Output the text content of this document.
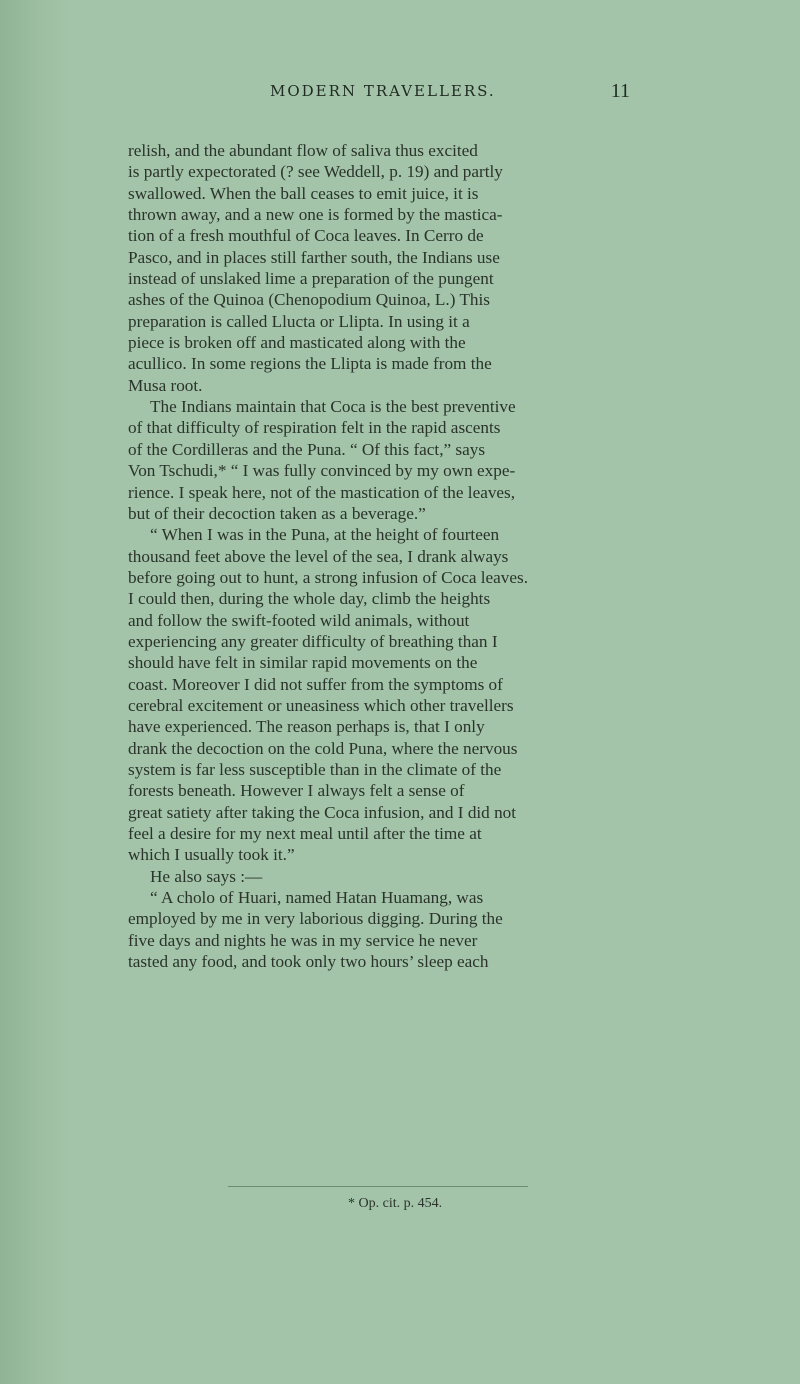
MODERN TRAVELLERS.	11

relish, and the abundant flow of saliva thus excited

is partly expectorated (? see Weddell, p. 19) and partly

swallowed. When the ball ceases to emit juice, it is

thrown away, and a new one is formed by the mastica-

tion of a fresh mouthful of Coca leaves. In Cerro de

Pasco, and in places still farther south, the Indians use

instead of unslaked lime a preparation of the pungent

ashes of the Quinoa (Chenopodium Quinoa, L.) This

preparation is called Llucta or Llipta. In using it a

piece is broken off and masticated along with the

acullico. In some regions the Llipta is made from the

Musa root.

The Indians maintain that Coca is the best preventive

of that difficulty of respiration felt in the rapid ascents

of the Cordilleras and the Puna. “ Of this fact,” says

Von Tschudi,* “ I was fully convinced by my own expe-

rience. I speak here, not of the mastication of the leaves,

but of their decoction taken as a beverage.”

“ When I was in the Puna, at the height of fourteen

thousand feet above the level of the sea, I drank always

before going out to hunt, a strong infusion of Coca leaves.

I could then, during the whole day, climb the heights

and follow the swift-footed wild animals, without

experiencing any greater difficulty of breathing than I

should have felt in similar rapid movements on the

coast. Moreover I did not suffer from the symptoms of

cerebral excitement or uneasiness which other travellers

have experienced. The reason perhaps is, that I only

drank the decoction on the cold Puna, where the nervous

system is far less susceptible than in the climate of the

forests beneath. However I always felt a sense of

great satiety after taking the Coca infusion, and I did not

feel a desire for my next meal until after the time at

which I usually took it.”

He also says :—

“ A cholo of Huari, named Hatan Huamang, was

employed by me in very laborious digging. During the

five days and nights he was in my service he never

tasted any food, and took only two hours’ sleep each

* Op. cit. p. 454.
